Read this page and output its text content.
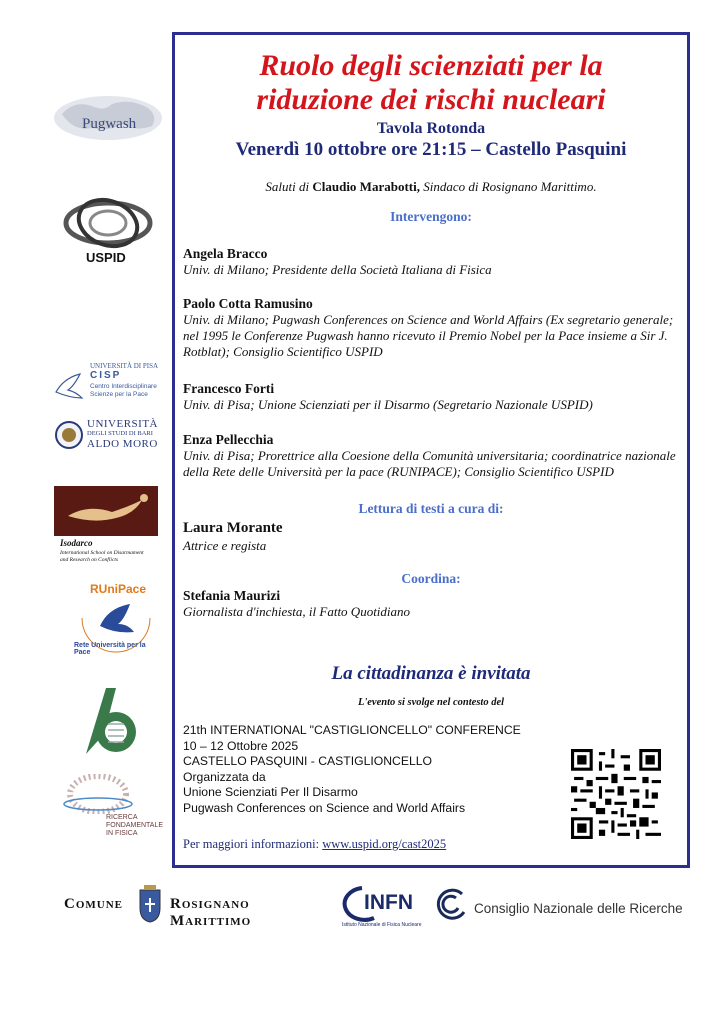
Pugwash
USPID
UNIVERSITÀ DI PISA
CISP
Centro Interdisciplinare
Scienze per la Pace
UNIVERSITÀ
DEGLI STUDI DI BARI
ALDO MORO
Isodarco
International School on Disarmament
and Research on Conflicts
RUniPace
Rete Università per la Pace
RICERCA
FONDAMENTALE
IN FISICA
Ruolo degli scienziati per la
riduzione dei rischi nucleari
Tavola Rotonda
Venerdì 10 ottobre ore 21:15 – Castello Pasquini
Saluti di Claudio Marabotti, Sindaco di Rosignano Marittimo.
Intervengono:
Angela Bracco
Univ. di Milano; Presidente della Società Italiana di Fisica
Paolo Cotta Ramusino
Univ. di Milano; Pugwash Conferences on Science and World Affairs (Ex segretario generale; nel 1995 le Conferenze Pugwash hanno ricevuto il Premio Nobel per la Pace insieme a Sir J. Rotblat); Consiglio Scientifico USPID
Francesco Forti
Univ. di Pisa; Unione Scienziati per il Disarmo (Segretario Nazionale USPID)
Enza Pellecchia
Univ. di Pisa; Prorettrice alla Coesione della Comunità universitaria; coordinatrice nazionale della Rete delle Università per la pace (RUNIPACE); Consiglio Scientifico USPID
Lettura di testi a cura di:
Laura Morante
Attrice e regista
Coordina:
Stefania Maurizi
Giornalista d'inchiesta, il Fatto Quotidiano
La cittadinanza è invitata
L'evento si svolge nel contesto del
21th INTERNATIONAL "CASTIGLIONCELLO" CONFERENCE
10 – 12 Ottobre 2025
CASTELLO PASQUINI - CASTIGLIONCELLO
Organizzata da
Unione Scienziati Per Il Disarmo
Pugwash Conferences on Science and World Affairs
Per maggiori informazioni: www.uspid.org/cast2025
Comune	Rosignano Marittimo
INFN
Istituto Nazionale di Fisica Nucleare
Consiglio Nazionale delle Ricerche
